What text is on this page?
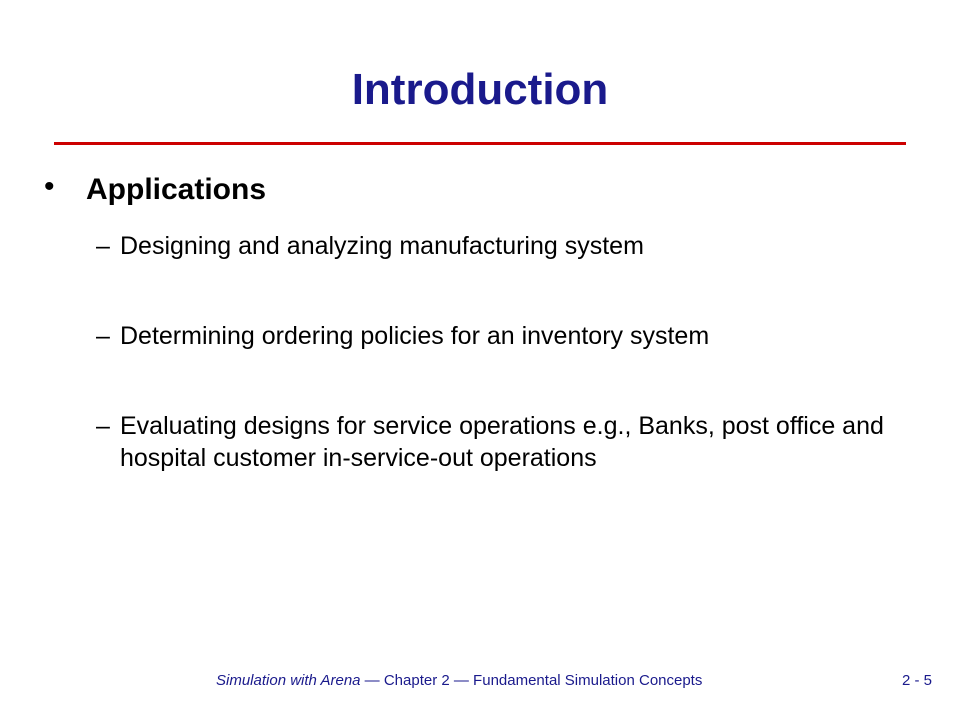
Introduction
• Applications
– Designing and analyzing manufacturing system
– Determining ordering policies for an inventory system
– Evaluating designs for service operations e.g., Banks, post office and hospital customer in-service-out operations
Simulation with Arena — Chapter 2 — Fundamental Simulation Concepts	2 - 5
